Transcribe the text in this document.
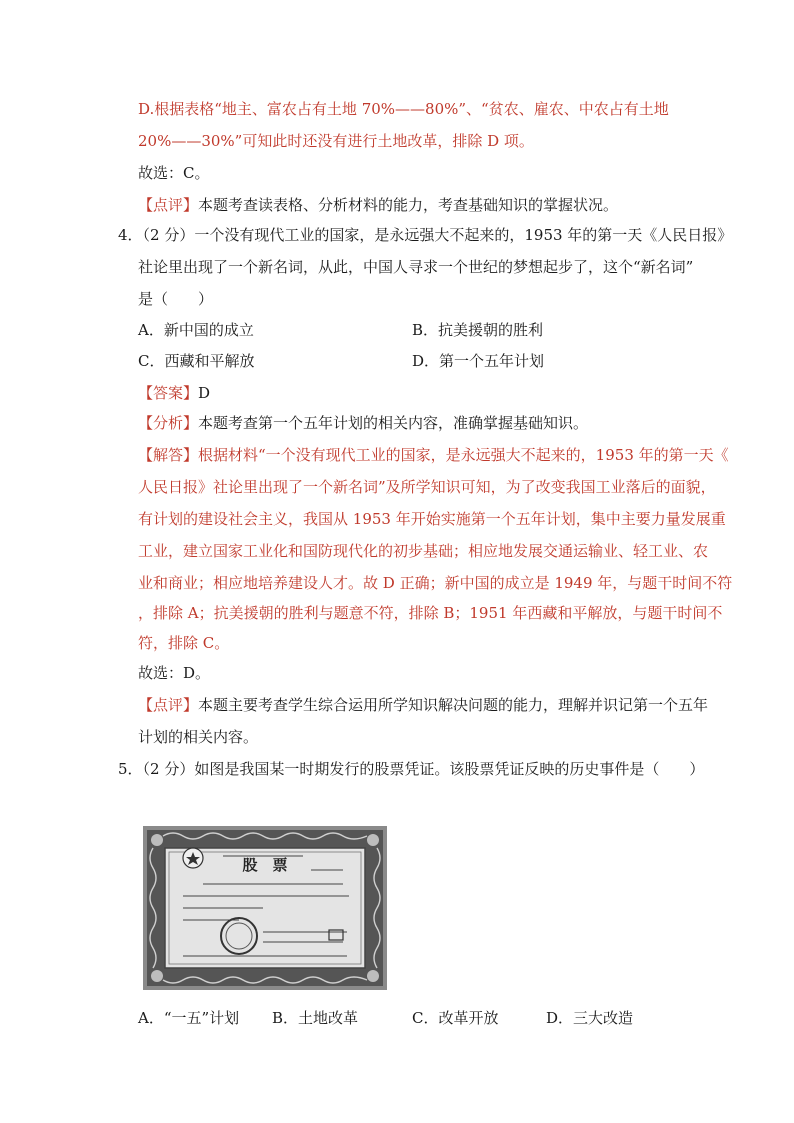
D.根据表格“地主、富农占有土地 70%——80%”、“贫农、雇农、中农占有土地
20%——30%”可知此时还没有进行土地改革，排除 D 项。
故选：C。
【点评】本题考查读表格、分析材料的能力，考查基础知识的掌握状况。
4．（2 分）一个没有现代工业的国家，是永远强大不起来的，1953 年的第一天《人民日报》
社论里出现了一个新名词，从此，中国人寻求一个世纪的梦想起步了，这个“新名词”
是（　　）
A．新中国的成立	B．抗美援朝的胜利
C．西藏和平解放	D．第一个五年计划
【答案】D
【分析】本题考查第一个五年计划的相关内容，准确掌握基础知识。
【解答】根据材料“一个没有现代工业的国家，是永远强大不起来的，1953 年的第一天《
人民日报》社论里出现了一个新名词”及所学知识可知，为了改变我国工业落后的面貌，
有计划的建设社会主义，我国从 1953 年开始实施第一个五年计划，集中主要力量发展重
工业，建立国家工业化和国防现代化的初步基础；相应地发展交通运输业、轻工业、农
业和商业；相应地培养建设人才。故 D 正确；新中国的成立是 1949 年，与题干时间不符
，排除 A；抗美援朝的胜利与题意不符，排除 B；1951 年西藏和平解放，与题干时间不
符，排除 C。
故选：D。
【点评】本题主要考查学生综合运用所学知识解决问题的能力，理解并识记第一个五年
计划的相关内容。
5．（2 分）如图是我国某一时期发行的股票凭证。该股票凭证反映的历史事件是（　　）
股　票
A．“一五”计划 B．土地改革	C．改革开放	D．三大改造
